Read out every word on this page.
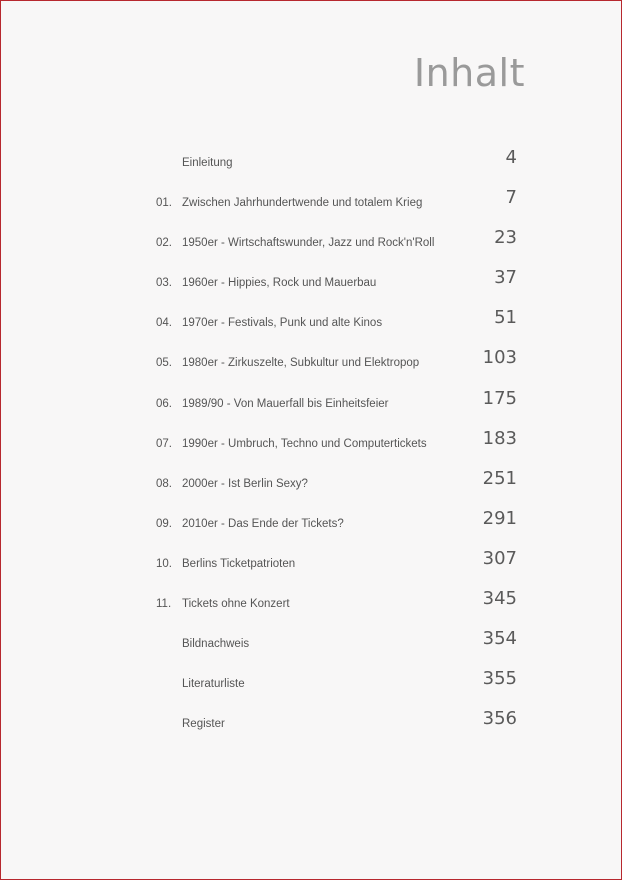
Inhalt
Einleitung	4
01. Zwischen Jahrhundertwende und totalem Krieg	7
02. 1950er - Wirtschaftswunder, Jazz und Rock'n'Roll	23
03. 1960er - Hippies, Rock und Mauerbau	37
04. 1970er - Festivals, Punk und alte Kinos	51
05. 1980er - Zirkuszelte, Subkultur und Elektropop	103
06. 1989/90 - Von Mauerfall bis Einheitsfeier	175
07. 1990er - Umbruch, Techno und Computertickets	183
08. 2000er - Ist Berlin Sexy?	251
09. 2010er - Das Ende der Tickets?	291
10. Berlins Ticketpatrioten	307
11. Tickets ohne Konzert	345
Bildnachweis	354
Literaturliste	355
Register	356
